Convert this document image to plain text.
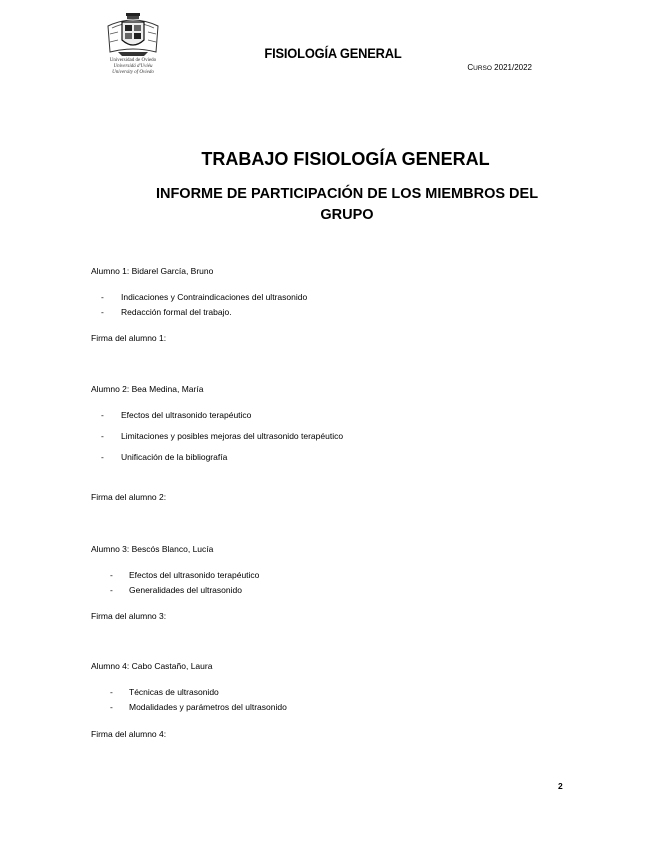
Universidad de Oviedo
Universidá d'Uviéu
University of Oviedo
FISIOLOGÍA GENERAL
CURSO 2021/2022
TRABAJO FISIOLOGÍA GENERAL
INFORME DE PARTICIPACIÓN DE LOS MIEMBROS DEL
GRUPO
Alumno 1: Bidarel García, Bruno
- Indicaciones y Contraindicaciones del ultrasonido
- Redacción formal del trabajo.
Firma del alumno 1:
Alumno 2: Bea Medina, María
- Efectos del ultrasonido terapéutico
- Limitaciones y posibles mejoras del ultrasonido terapéutico
- Unificación de la bibliografía
Firma del alumno 2:
Alumno 3: Bescós Blanco, Lucía
- Efectos del ultrasonido terapéutico
- Generalidades del ultrasonido
Firma del alumno 3:
Alumno 4: Cabo Castaño, Laura
- Técnicas de ultrasonido
- Modalidades y parámetros del ultrasonido
Firma del alumno 4:
2
